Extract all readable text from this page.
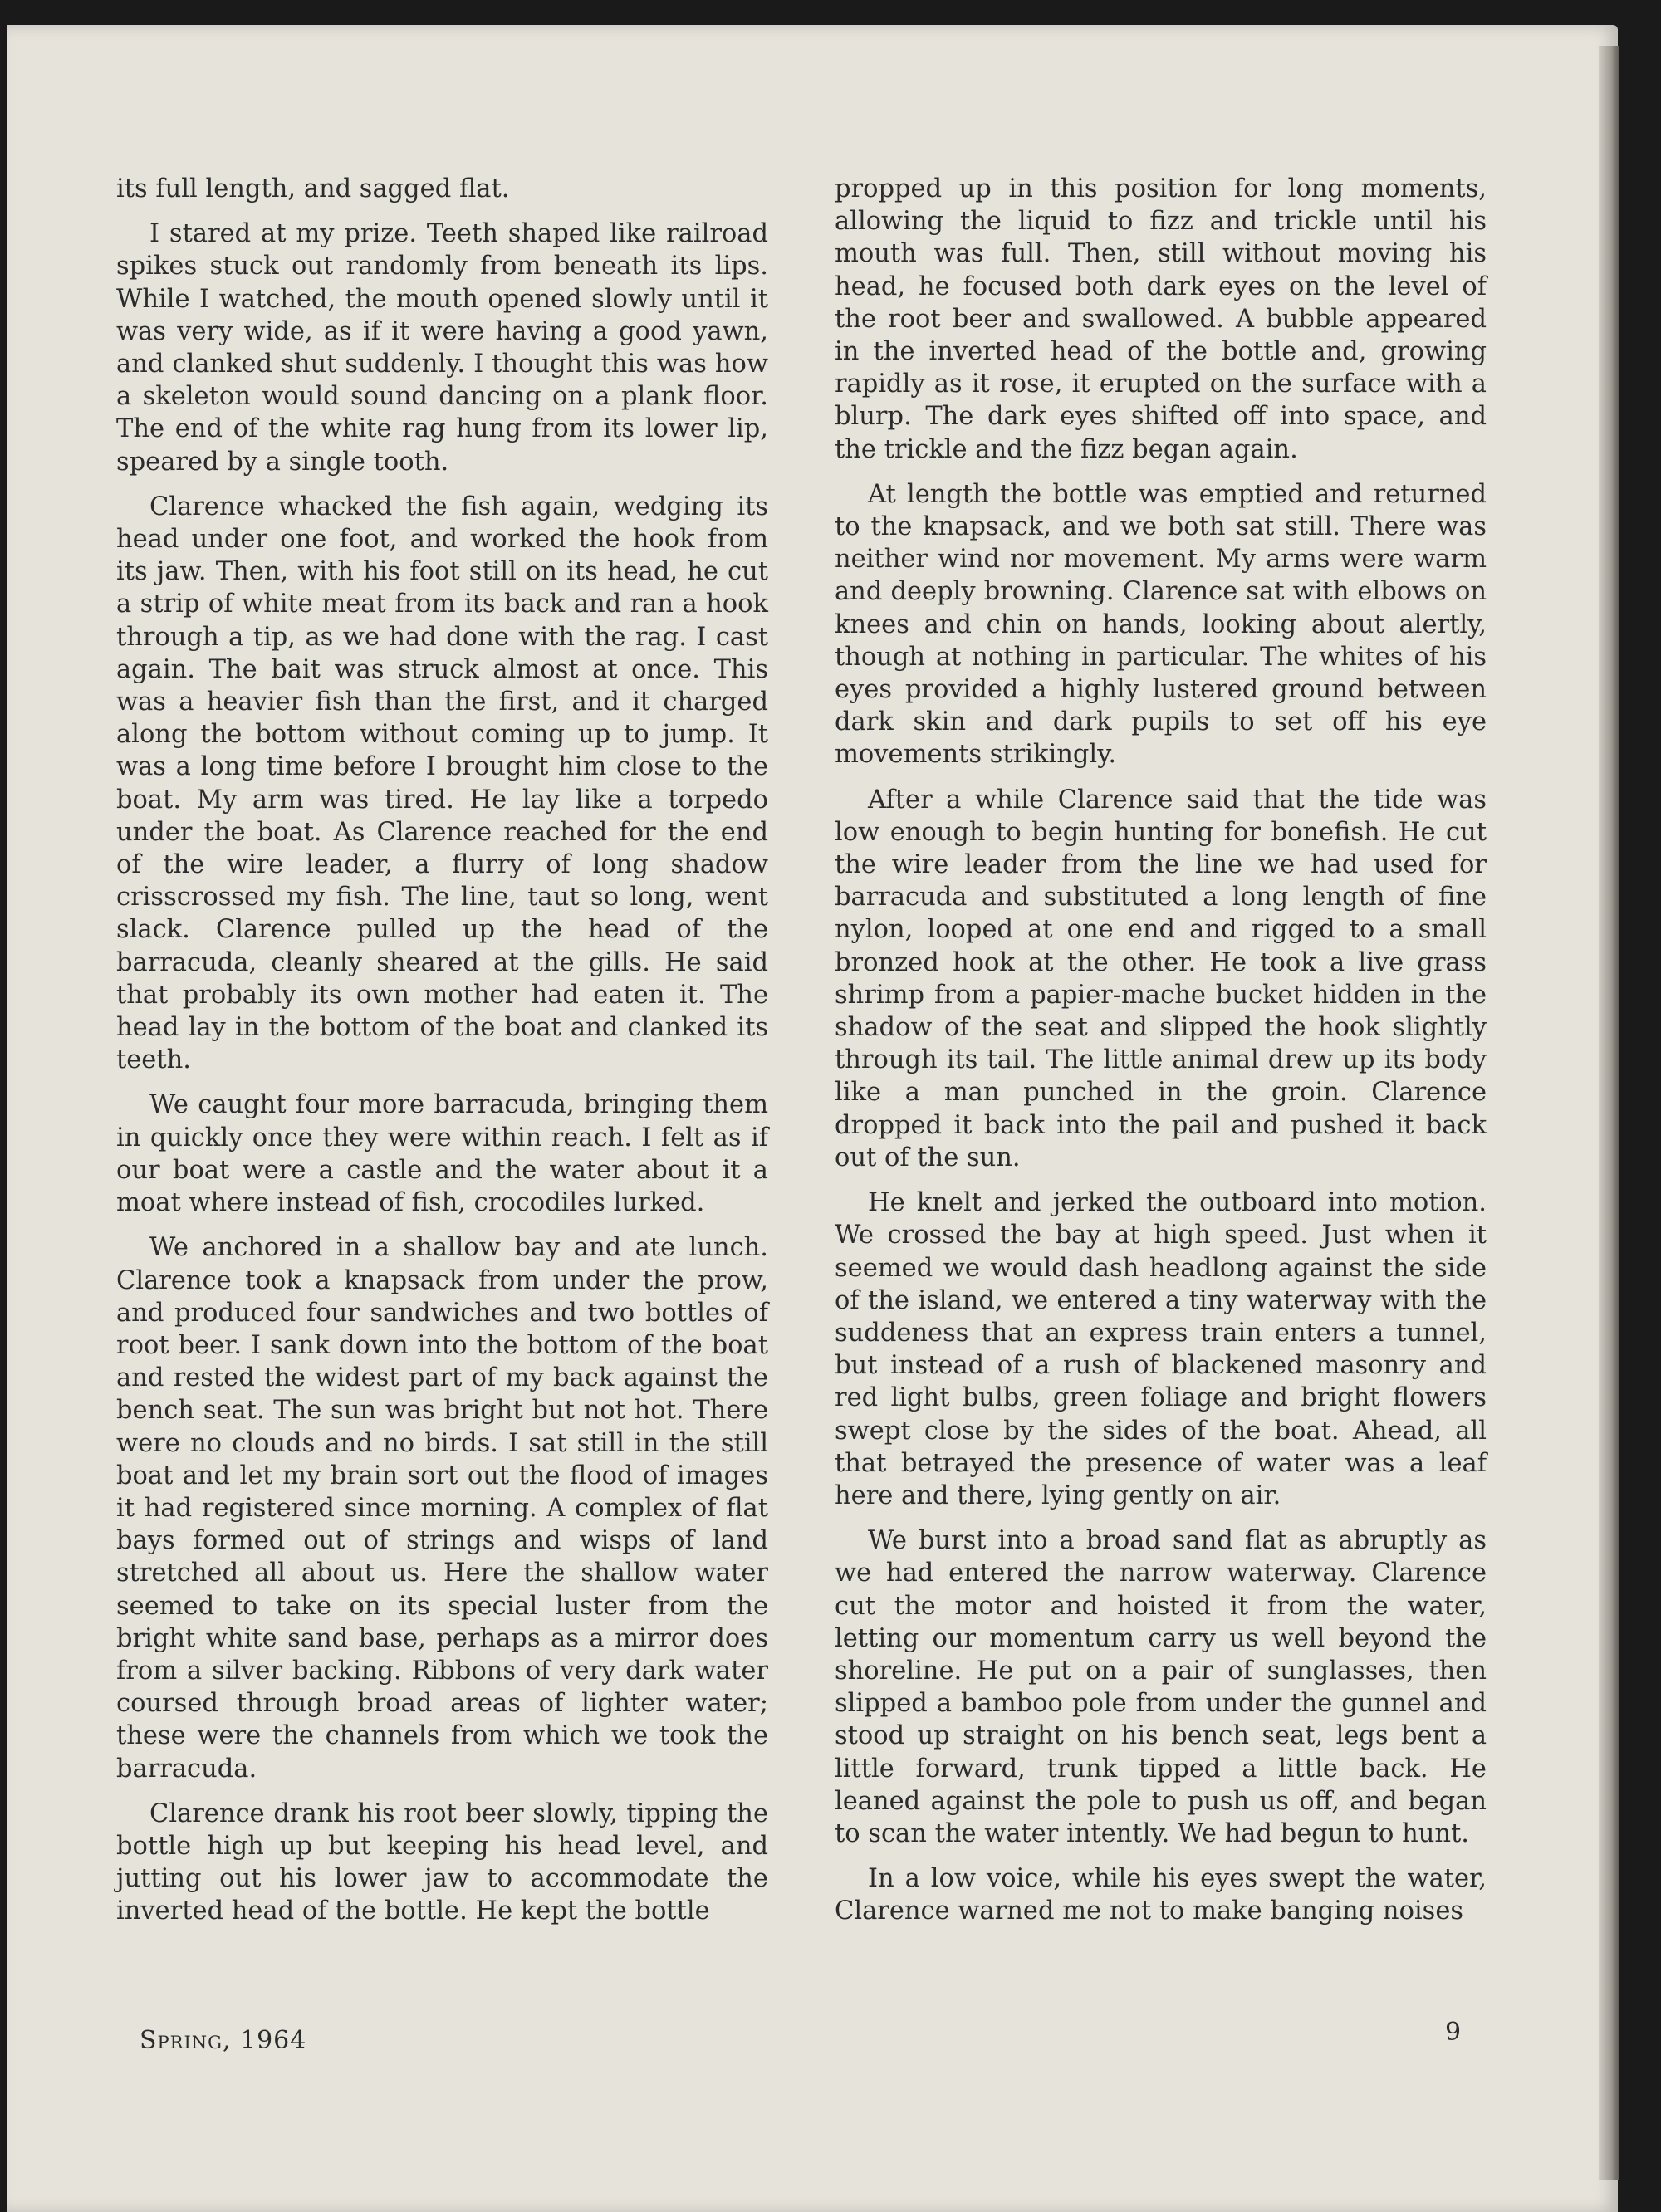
its full length, and sagged flat.

I stared at my prize. Teeth shaped like railroad spikes stuck out randomly from beneath its lips. While I watched, the mouth opened slowly until it was very wide, as if it were having a good yawn, and clanked shut suddenly. I thought this was how a skeleton would sound dancing on a plank floor. The end of the white rag hung from its lower lip, speared by a single tooth.

Clarence whacked the fish again, wedging its head under one foot, and worked the hook from its jaw. Then, with his foot still on its head, he cut a strip of white meat from its back and ran a hook through a tip, as we had done with the rag. I cast again. The bait was struck almost at once. This was a heavier fish than the first, and it charged along the bottom without coming up to jump. It was a long time before I brought him close to the boat. My arm was tired. He lay like a torpedo under the boat. As Clarence reached for the end of the wire leader, a flurry of long shadow crisscrossed my fish. The line, taut so long, went slack. Clarence pulled up the head of the barracuda, cleanly sheared at the gills. He said that probably its own mother had eaten it. The head lay in the bottom of the boat and clanked its teeth.

We caught four more barracuda, bringing them in quickly once they were within reach. I felt as if our boat were a castle and the water about it a moat where instead of fish, crocodiles lurked.

We anchored in a shallow bay and ate lunch. Clarence took a knapsack from under the prow, and produced four sandwiches and two bottles of root beer. I sank down into the bottom of the boat and rested the widest part of my back against the bench seat. The sun was bright but not hot. There were no clouds and no birds. I sat still in the still boat and let my brain sort out the flood of images it had registered since morning. A complex of flat bays formed out of strings and wisps of land stretched all about us. Here the shallow water seemed to take on its special luster from the bright white sand base, perhaps as a mirror does from a silver backing. Ribbons of very dark water coursed through broad areas of lighter water; these were the channels from which we took the barracuda.

Clarence drank his root beer slowly, tipping the bottle high up but keeping his head level, and jutting out his lower jaw to accommodate the inverted head of the bottle. He kept the bottle

propped up in this position for long moments, allowing the liquid to fizz and trickle until his mouth was full. Then, still without moving his head, he focused both dark eyes on the level of the root beer and swallowed. A bubble appeared in the inverted head of the bottle and, growing rapidly as it rose, it erupted on the surface with a blurp. The dark eyes shifted off into space, and the trickle and the fizz began again.

At length the bottle was emptied and returned to the knapsack, and we both sat still. There was neither wind nor movement. My arms were warm and deeply browning. Clarence sat with elbows on knees and chin on hands, looking about alertly, though at nothing in particular. The whites of his eyes provided a highly lustered ground between dark skin and dark pupils to set off his eye movements strikingly.

After a while Clarence said that the tide was low enough to begin hunting for bonefish. He cut the wire leader from the line we had used for barracuda and substituted a long length of fine nylon, looped at one end and rigged to a small bronzed hook at the other. He took a live grass shrimp from a papier-mache bucket hidden in the shadow of the seat and slipped the hook slightly through its tail. The little animal drew up its body like a man punched in the groin. Clarence dropped it back into the pail and pushed it back out of the sun.

He knelt and jerked the outboard into motion. We crossed the bay at high speed. Just when it seemed we would dash headlong against the side of the island, we entered a tiny waterway with the suddeness that an express train enters a tunnel, but instead of a rush of blackened masonry and red light bulbs, green foliage and bright flowers swept close by the sides of the boat. Ahead, all that betrayed the presence of water was a leaf here and there, lying gently on air.

We burst into a broad sand flat as abruptly as we had entered the narrow waterway. Clarence cut the motor and hoisted it from the water, letting our momentum carry us well beyond the shoreline. He put on a pair of sunglasses, then slipped a bamboo pole from under the gunnel and stood up straight on his bench seat, legs bent a little forward, trunk tipped a little back. He leaned against the pole to push us off, and began to scan the water intently. We had begun to hunt.

In a low voice, while his eyes swept the water, Clarence warned me not to make banging noises

Spring, 1964	9
